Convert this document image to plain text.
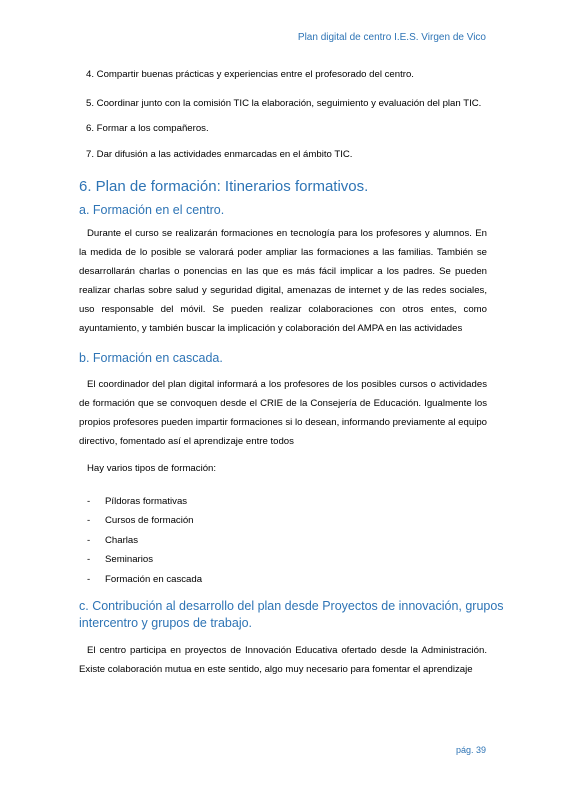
Plan digital de centro I.E.S. Virgen de Vico
4. Compartir buenas prácticas y experiencias entre el profesorado del centro.
5. Coordinar junto con la comisión TIC la elaboración, seguimiento y evaluación del plan TIC.
6. Formar a los compañeros.
7. Dar difusión a las actividades enmarcadas en el ámbito TIC.
6. Plan de formación: Itinerarios formativos.
a. Formación en el centro.

Durante el curso se realizarán formaciones en tecnología para los profesores y alumnos. En la medida de lo posible se valorará poder ampliar las formaciones a las familias. También se desarrollarán charlas o ponencias en las que es más fácil implicar a los padres. Se pueden realizar charlas sobre salud y seguridad digital, amenazas de internet y de las redes sociales, uso responsable del móvil. Se pueden realizar colaboraciones con otros entes, como ayuntamiento, y también buscar la implicación y colaboración del AMPA en las actividades

b. Formación en cascada.

El coordinador del plan digital informará a los profesores de los posibles cursos o actividades de formación que se convoquen desde el CRIE de la Consejería de Educación. Igualmente los propios profesores pueden impartir formaciones si lo desean, informando previamente al equipo directivo, fomentado así el aprendizaje entre todos

Hay varios tipos de formación:
- Píldoras formativas
- Cursos de formación
- Charlas
- Seminarios
- Formación en cascada
c. Contribución al desarrollo del plan desde Proyectos de innovación, grupos
intercentro y grupos de trabajo.

El centro participa en proyectos de Innovación Educativa ofertado desde la Administración. Existe colaboración mutua en este sentido, algo muy necesario para fomentar el aprendizaje

pág. 39
